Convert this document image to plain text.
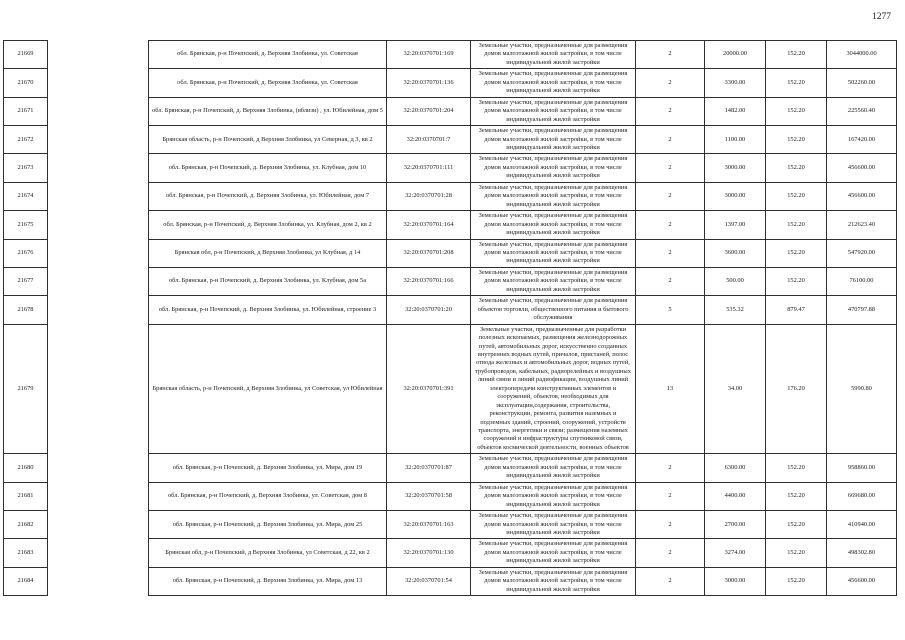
1277
21669		обл. Брянская, р-н Почепский, д. Верхняя Злобинка, ул. Советская	32:20:0370701:169	Земельные участки, предназначенные для размещения домов малоэтажной жилой застройки, в том числе индивидуальной жилой застройки	2	20000.00	152.20	3044000.00
21670		обл. Брянская, р-н Почепский, д. Верхняя Злобинка, ул. Советская	32:20:0370701:136	Земельные участки, предназначенные для размещения домов малоэтажной жилой застройки, в том числе индивидуальной жилой застройки	2	3300.00	152.20	502260.00
21671		обл. Брянская, р-н Почепский, д. Верхняя Злобинка, (вблизи) , ул. Юбилейная, дом 5	32:20:0370701:204	Земельные участки, предназначенные для размещения домов малоэтажной жилой застройки, в том числе индивидуальной жилой застройки	2	1482.00	152.20	225560.40
21672		Брянская область, р-н Почепский, д Верхняя Злобинка, ул Северная, д 3, кв 2	32:20:0370701:7	Земельные участки, предназначенные для размещения домов малоэтажной жилой застройки, в том числе индивидуальной жилой застройки	2	1100.00	152.20	167420.00
21673		обл. Брянская, р-н Почепский, д. Верхняя Злобинка, ул. Клубная, дом 10	32:20:0370701:111	Земельные участки, предназначенные для размещения домов малоэтажной жилой застройки, в том числе индивидуальной жилой застройки	2	3000.00	152.20	456600.00
21674		обл. Брянская, р-н Почепский, д. Верхняя Злобинка, ул. Юбилейная, дом 7	32:20:0370701:28	Земельные участки, предназначенные для размещения домов малоэтажной жилой застройки, в том числе индивидуальной жилой застройки	2	3000.00	152.20	456600.00
21675		обл. Брянская, р-н Почепский, д. Верхняя Злобинка, ул. Клубная, дом 2, кв 2	32:20:0370701:164	Земельные участки, предназначенные для размещения домов малоэтажной жилой застройки, в том числе индивидуальной жилой застройки	2	1397.00	152.20	212623.40
21676		Брянская обл, р-н Почепский, д Верхняя Злобинка, ул Клубная, д 14	32:20:0370701:208	Земельные участки, предназначенные для размещения домов малоэтажной жилой застройки, в том числе индивидуальной жилой застройки	2	3600.00	152.20	547920.00
21677		обл. Брянская, р-н Почепский, д. Верхняя Злобинка, ул. Клубная, дом 5а	32:20:0370701:166	Земельные участки, предназначенные для размещения домов малоэтажной жилой застройки, в том числе индивидуальной жилой застройки	2	500.00	152.20	76100.00
21678		обл. Брянская, р-н Почепский, д. Верхняя Злобинка, ул. Юбилейная, строение 3	32:20:0370701:20	Земельные участки, предназначенные для размещения объектов торговли, общественного питания и бытового обслуживания	5	535.32	879.47	470797.88
21679		Брянская область, р-н Почепский, д Верхняя Злобинка, ул Советская, ул Юбилейная	32:20:0370701:391	Земельные участки, предназначенные для разработки полезных ископаемых, размещения железнодорожных путей, автомобильных дорог, искусственно созданных внутренних водных путей, причалов, пристаней, полос отвода железных и автомобильных дорог, водных путей, трубопроводов, кабельных, радиорелейных и воздушных линий связи и линий радиофикации, воздушных линий электропередачи конструктивных элементов и сооружений, объектов, необходимых для эксплуатации,содержания, строительства, реконструкции, ремонта, развития наземных и подземных зданий, строений, сооружений, устройств транспорта, энергетики и связи; размещения наземных сооружений и инфраструктуры спутниковой связи, объектов космической деятельности, военных объектов	13	34.00	176.20	5990.80
21680		обл. Брянская, р-н Почепский, д. Верхняя Злобинка, ул. Мира, дом 19	32:20:0370701:87	Земельные участки, предназначенные для размещения домов малоэтажной жилой застройки, в том числе индивидуальной жилой застройки	2	6300.00	152.20	958860.00
21681		обл. Брянская, р-н Почепский, д. Верхняя Злобинка, ул. Советская, дом 8	32:20:0370701:58	Земельные участки, предназначенные для размещения домов малоэтажной жилой застройки, в том числе индивидуальной жилой застройки	2	4400.00	152.20	669680.00
21682		обл. Брянская, р-н Почепский, д. Верхняя Злобинка, ул. Мира, дом 25	32:20:0370701:163	Земельные участки, предназначенные для размещения домов малоэтажной жилой застройки, в том числе индивидуальной жилой застройки	2	2700.00	152.20	410940.00
21683		Брянская обл, р-н Почепский, д Верхняя Злобинка, ул Советская, д 22, кв 2	32:20:0370701:130	Земельные участки, предназначенные для размещения домов малоэтажной жилой застройки, в том числе индивидуальной жилой застройки	2	3274.00	152.20	498302.80
21684		обл. Брянская, р-н Почепский, д. Верхняя Злобинка, ул. Мира, дом 13	32:20:0370701:54	Земельные участки, предназначенные для размещения домов малоэтажной жилой застройки, в том числе индивидуальной жилой застройки	2	3000.00	152.20	456600.00
